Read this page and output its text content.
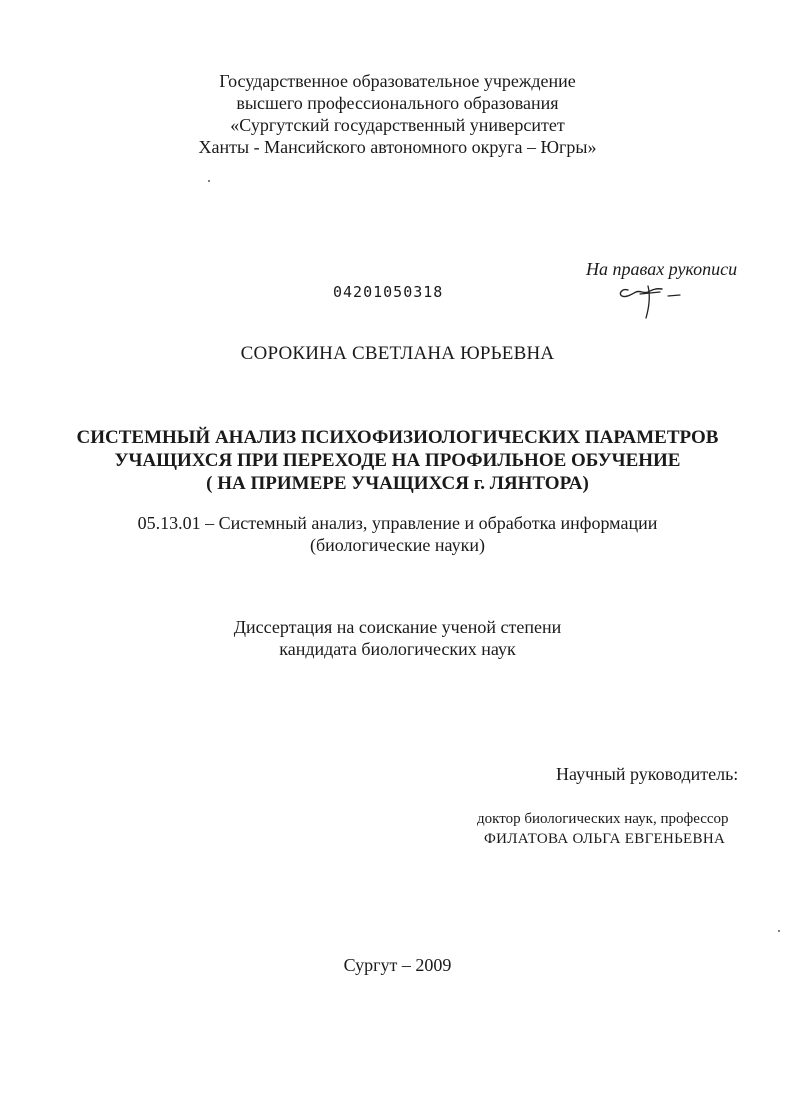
Государственное образовательное учреждение
высшего профессионального образования
«Сургутский государственный университет
Ханты - Мансийского автономного округа – Югры»
На правах рукописи
04201050318
СОРОКИНА СВЕТЛАНА ЮРЬЕВНА
СИСТЕМНЫЙ АНАЛИЗ ПСИХОФИЗИОЛОГИЧЕСКИХ ПАРАМЕТРОВ
УЧАЩИХСЯ ПРИ ПЕРЕХОДЕ НА ПРОФИЛЬНОЕ ОБУЧЕНИЕ
( НА ПРИМЕРЕ УЧАЩИХСЯ г. ЛЯНТОРА)
05.13.01 – Системный анализ, управление и обработка информации
(биологические науки)
Диссертация на соискание ученой степени
кандидата биологических наук
Научный руководитель:
доктор биологических наук, профессор
ФИЛАТОВА ОЛЬГА ЕВГЕНЬЕВНА
Сургут – 2009
